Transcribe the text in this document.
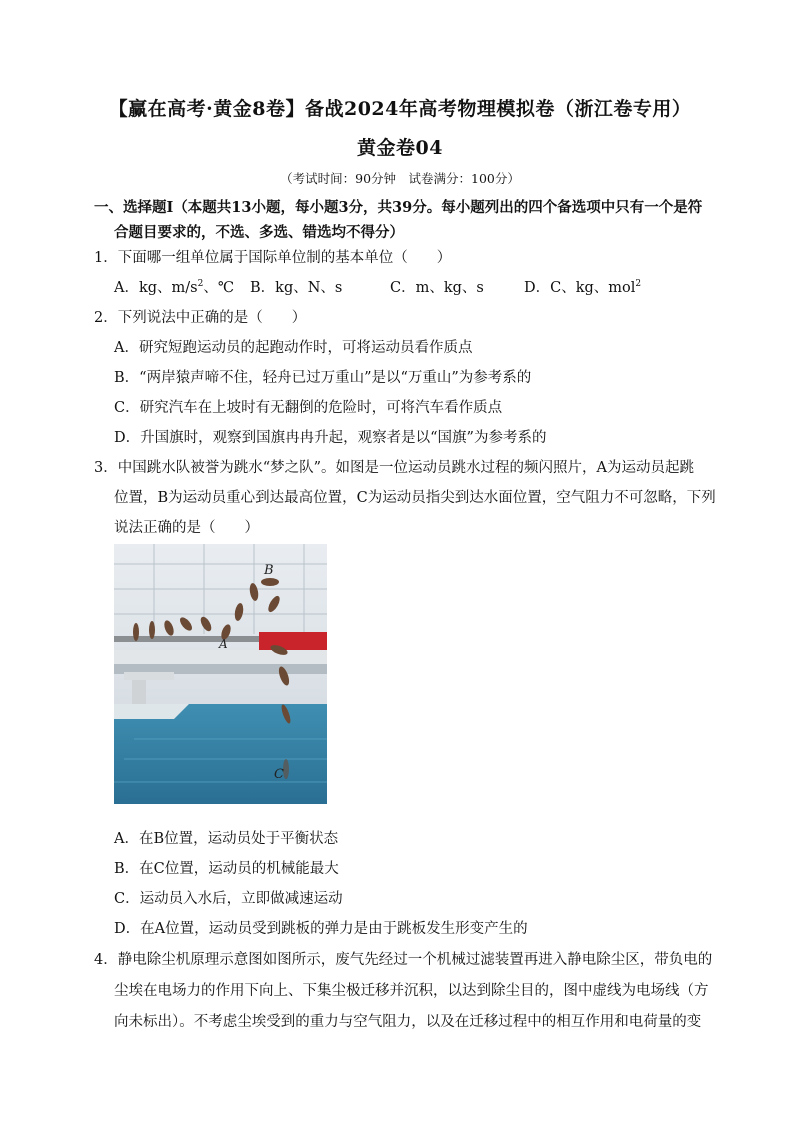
【赢在高考·黄金8卷】备战2024年高考物理模拟卷（浙江卷专用）
黄金卷04
（考试时间：90分钟　试卷满分：100分）
一、选择题Ⅰ（本题共13小题，每小题3分，共39分。每小题列出的四个备选项中只有一个是符
合题目要求的，不选、多选、错选均不得分）
1．下面哪一组单位属于国际单位制的基本单位（　　）
A．kg、$m/s^2$、℃ B．kg、N、s	C．m、kg、s	D．C、kg、mol$^2$
2．下列说法中正确的是（　　）
A．研究短跑运动员的起跑动作时，可将运动员看作质点
B．“两岸猿声啼不住，轻舟已过万重山”是以“万重山”为参考系的
C．研究汽车在上坡时有无翻倒的危险时，可将汽车看作质点
D．升国旗时，观察到国旗冉冉升起，观察者是以“国旗”为参考系的
3．中国跳水队被誉为跳水“梦之队”。如图是一位运动员跳水过程的频闪照片，A为运动员起跳
位置，B为运动员重心到达最高位置，C为运动员指尖到达水面位置，空气阻力不可忽略，下列
说法正确的是（　　）
B
A
C
A．在B位置，运动员处于平衡状态
B．在C位置，运动员的机械能最大
C．运动员入水后，立即做减速运动
D．在A位置，运动员受到跳板的弹力是由于跳板发生形变产生的
4．静电除尘机原理示意图如图所示，废气先经过一个机械过滤装置再进入静电除尘区，带负电的
尘埃在电场力的作用下向上、下集尘极迁移并沉积，以达到除尘目的，图中虚线为电场线（方
向未标出）。不考虑尘埃受到的重力与空气阻力，以及在迁移过程中的相互作用和电荷量的变
